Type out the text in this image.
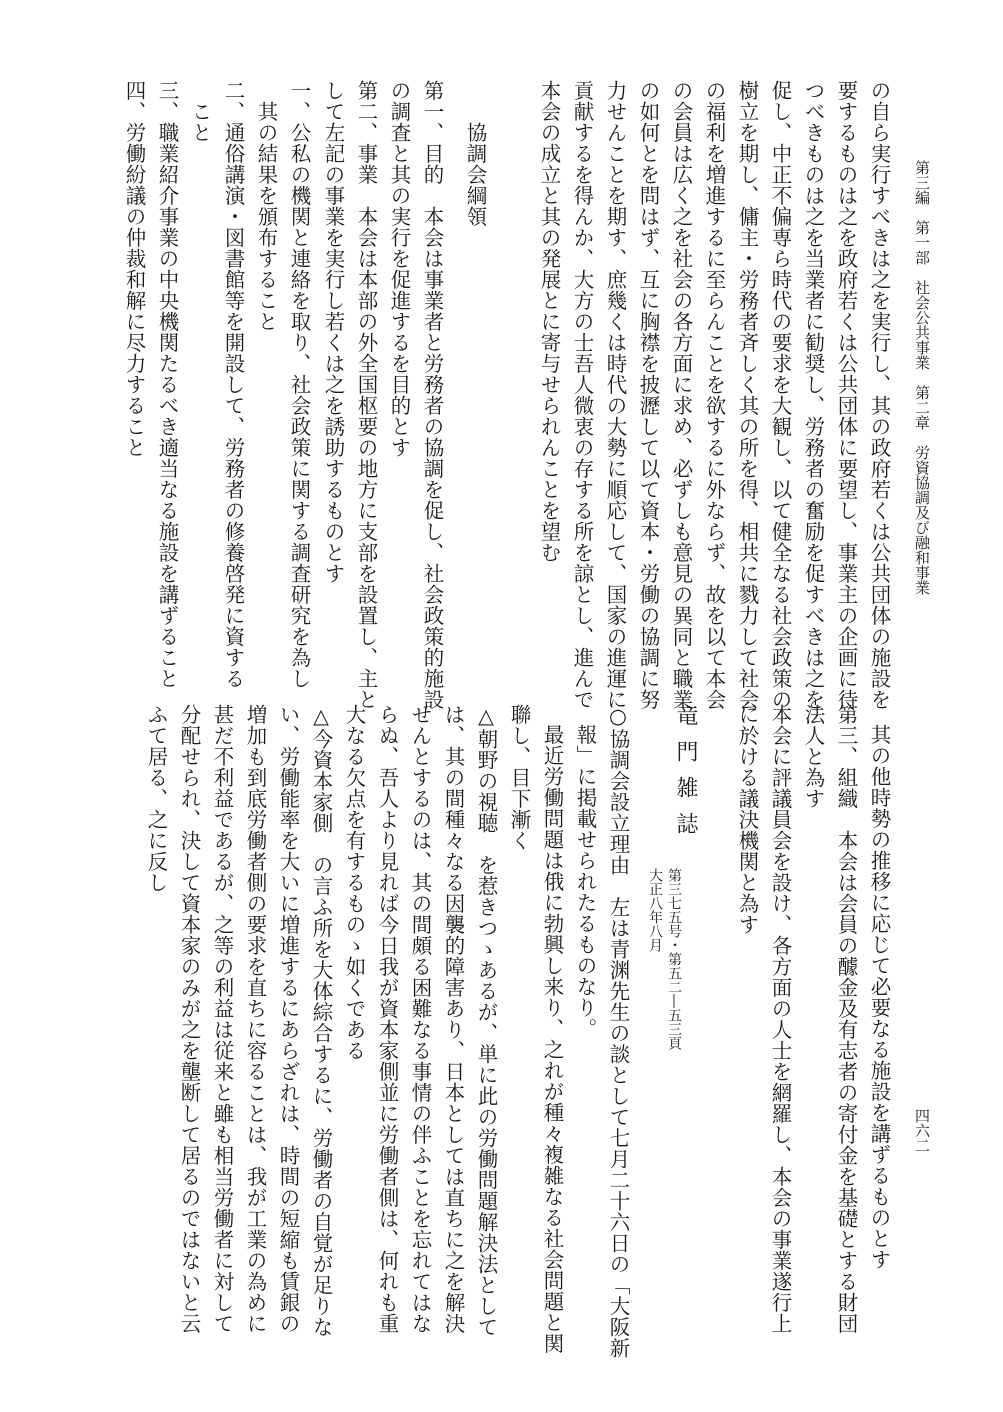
第三編　第一部　社会公共事業　第二章　労資協調及び融和事業
四六二
の自ら実行すべきは之を実行し、其の政府若くは公共団体の施設を
要するものは之を政府若くは公共団体に要望し、事業主の企画に待
つべきものは之を当業者に勧奨し、労務者の奮励を促すべきは之を
促し、中正不偏専ら時代の要求を大観し、以て健全なる社会政策の
樹立を期し、傭主・労務者斉しく其の所を得、相共に戮力して社会
の福利を増進するに至らんことを欲するに外ならず、故を以て本会
の会員は広く之を社会の各方面に求め、必ずしも意見の異同と職業
の如何とを問はず、互に胸襟を披瀝して以て資本・労働の協調に努
力せんことを期す、庶幾くは時代の大勢に順応して、国家の進運に
貢献するを得んか、大方の士吾人微衷の存する所を諒とし、進んで
本会の成立と其の発展とに寄与せられんことを望む
協調会綱領
第一、目的　本会は事業者と労務者の協調を促し、社会政策的施設
の調査と其の実行を促進するを目的とす
第二、事業　本会は本部の外全国枢要の地方に支部を設置し、主と
して左記の事業を実行し若くは之を誘助するものとす
一、公私の機関と連絡を取り、社会政策に関する調査研究を為し
其の結果を頒布すること
二、通俗講演・図書館等を開設して、労務者の修養啓発に資する
こと
三、職業紹介事業の中央機関たるべき適当なる施設を講ずること
四、労働紛議の仲裁和解に尽力すること
其の他時勢の推移に応じて必要なる施設を講ずるものとす
第三、組織　本会は会員の醵金及有志者の寄付金を基礎とする財団
法人と為す
本会に評議員会を設け、各方面の人士を網羅し、本会の事業遂行上
に於ける議決機関と為す
竜門雑誌
第三七五号・第五二―五三頁
大正八年八月
○協調会設立理由　左は青渊先生の談として七月二十六日の「大阪新
報」に掲載せられたるものなり。
最近労働問題は俄に勃興し来り、之れが種々複雑なる社会問題と関
聯し、目下漸く
△朝野の視聴　を惹きつゝあるが、単に此の労働問題解決法として
は、其の間種々なる因襲的障害あり、日本としては直ちに之を解決
せんとするのは、其の間頗る困難なる事情の伴ふことを忘れてはな
らぬ、吾人より見れば今日我が資本家側並に労働者側は、何れも重
大なる欠点を有するものゝ如くである
△今資本家側　の言ふ所を大体綜合するに、労働者の自覚が足りな
い、労働能率を大いに増進するにあらざれは、時間の短縮も賃銀の
増加も到底労働者側の要求を直ちに容ることは、我が工業の為めに
甚だ不利益であるが、之等の利益は従来と雖も相当労働者に対して
分配せられ、決して資本家のみが之を壟断して居るのではないと云
ふて居る、之に反し
